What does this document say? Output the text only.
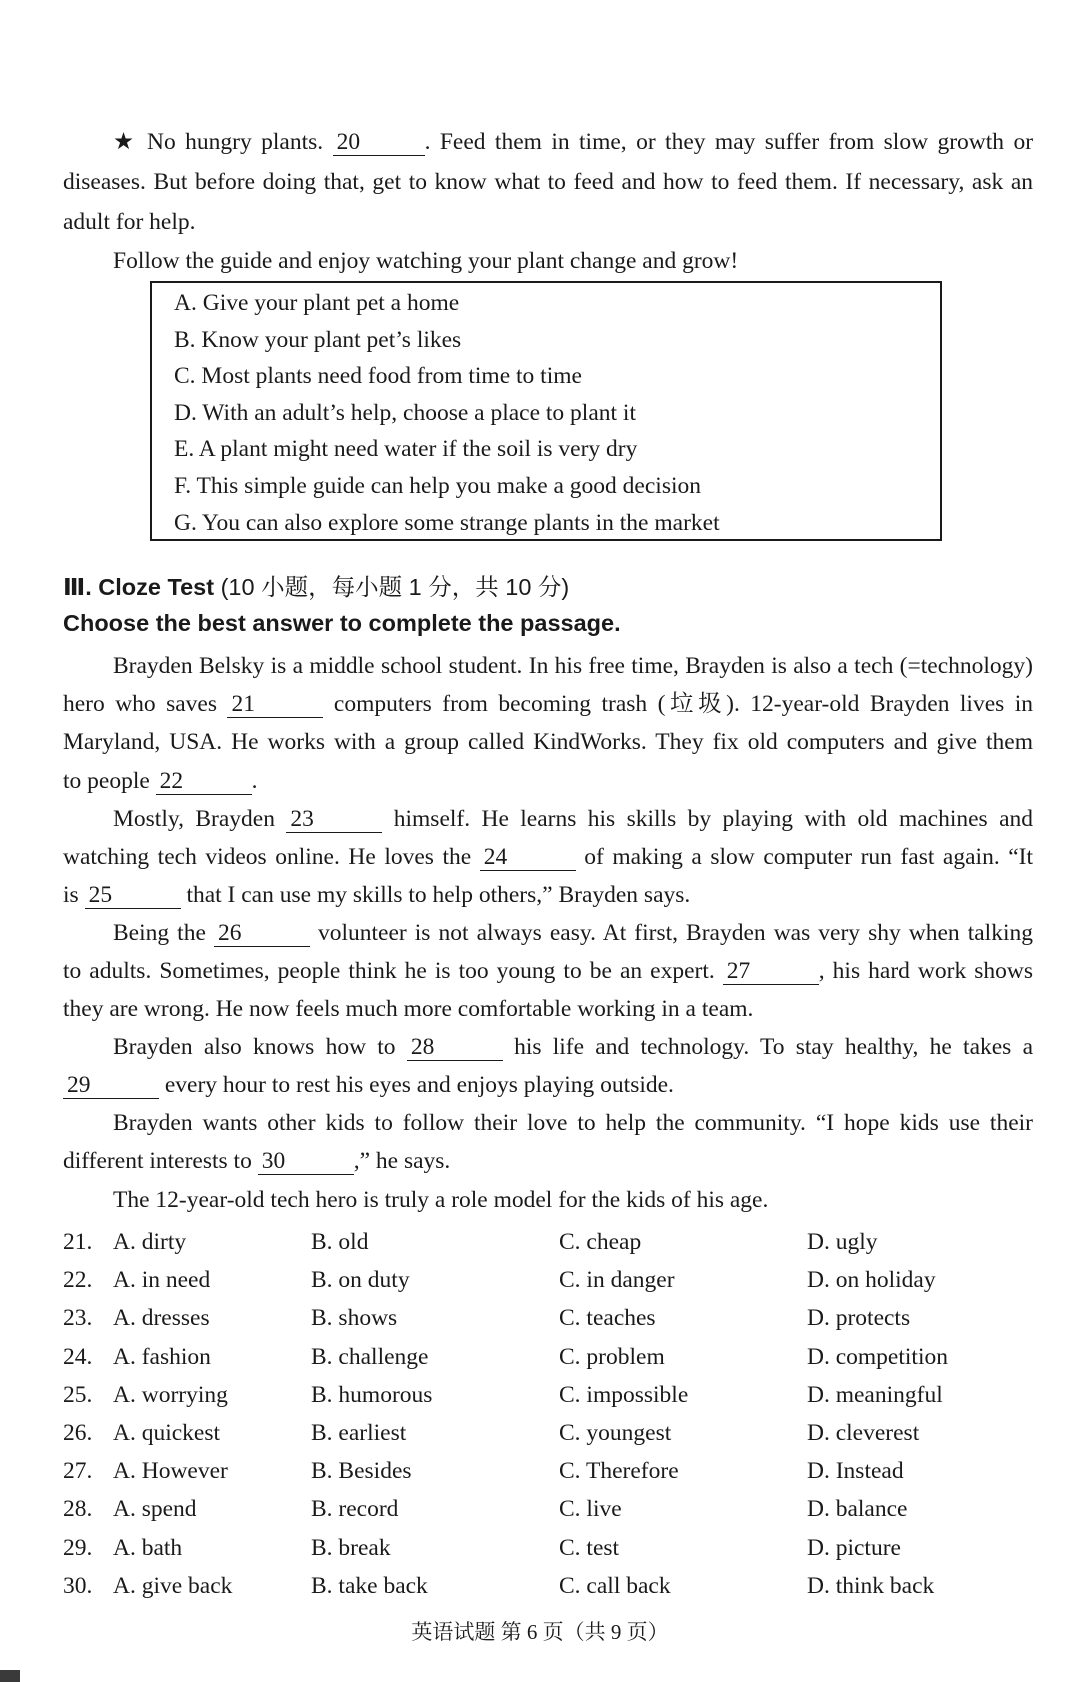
★ No hungry plants. 20	. Feed them in time, or they may suffer from slow growth or
diseases. But before doing that, get to know what to feed and how to feed them. If necessary, ask an
adult for help.
Follow the guide and enjoy watching your plant change and grow!
A. Give your plant pet a home
B. Know your plant pet’s likes
C. Most plants need food from time to time
D. With an adult’s help, choose a place to plant it
E. A plant might need water if the soil is very dry
F. This simple guide can help you make a good decision
G. You can also explore some strange plants in the market
Ⅲ. Cloze Test (10 小题，每小题 1 分，共 10 分)
Choose the best answer to complete the passage.
Brayden Belsky is a middle school student. In his free time, Brayden is also a tech (=technology)
hero who saves 21	computers from becoming trash (垃圾). 12-year-old Brayden lives in
Maryland, USA. He works with a group called KindWorks. They fix old computers and give them
to people 22	.
Mostly, Brayden 23	himself. He learns his skills by playing with old machines and
watching tech videos online. He loves the 24	of making a slow computer run fast again. “It
is 25	that I can use my skills to help others,” Brayden says.
Being the 26	volunteer is not always easy. At first, Brayden was very shy when talking
to adults. Sometimes, people think he is too young to be an expert. 27	, his hard work shows
they are wrong. He now feels much more comfortable working in a team.
Brayden also knows how to 28	his life and technology. To stay healthy, he takes a
29	every hour to rest his eyes and enjoys playing outside.
Brayden wants other kids to follow their love to help the community. “I hope kids use their
different interests to 30	,” he says.
The 12-year-old tech hero is truly a role model for the kids of his age.
21. A. dirty	B. old	C. cheap	D. ugly
22. A. in need	B. on duty	C. in danger	D. on holiday
23. A. dresses	B. shows	C. teaches	D. protects
24. A. fashion	B. challenge	C. problem	D. competition
25. A. worrying	B. humorous	C. impossible	D. meaningful
26. A. quickest	B. earliest	C. youngest	D. cleverest
27. A. However	B. Besides	C. Therefore	D. Instead
28. A. spend	B. record	C. live	D. balance
29. A. bath	B. break	C. test	D. picture
30. A. give back	B. take back	C. call back	D. think back
英语试题 第 6 页（共 9 页）
